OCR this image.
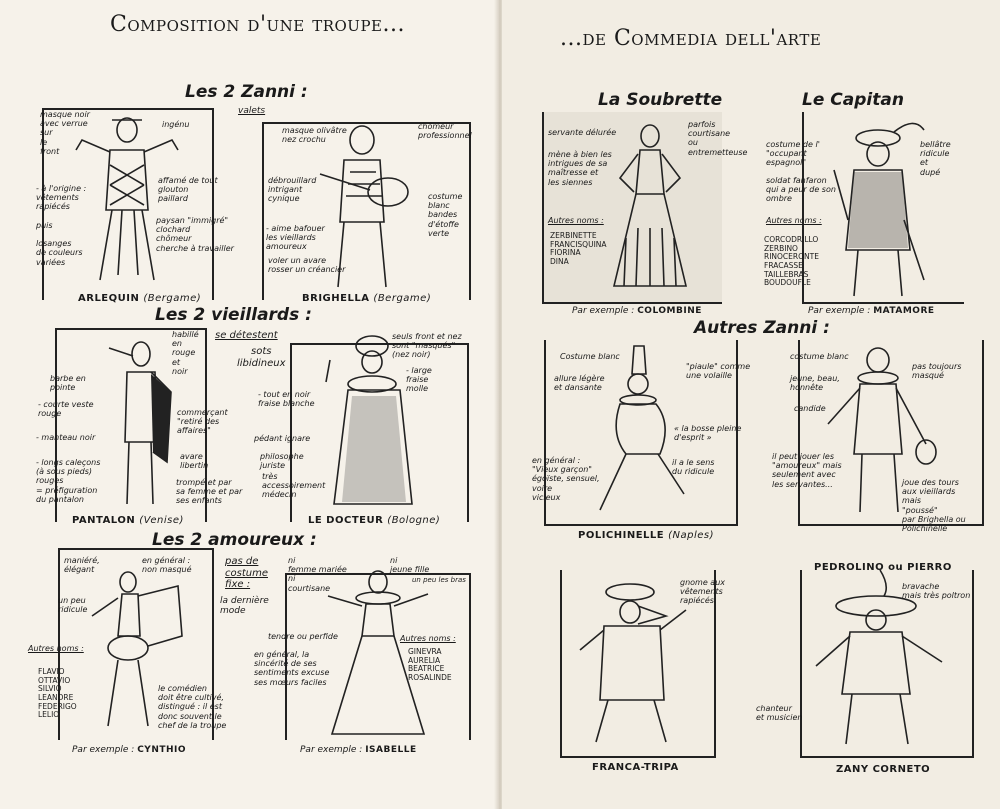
Composition d'une troupe...
Les 2 Zanni :
valets
masque noir
avec verrue
sur
le
front
ingénu
- à l'origine :
vêtements
rapiécés

puis

losanges
de couleurs
variées
affamé de tout
glouton
paillard
paysan "immigré"
clochard
chômeur
cherche à travailler
ARLEQUIN (Bergame)
masque olivâtre
nez crochu
chômeur
professionnel
débrouillard
intrigant
cynique
- aime bafouer
les vieillards
amoureux
voler un avare
rosser un créancier
costume
blanc
bandes
d'étoffe
verte
BRIGHELLA (Bergame)
Les 2 vieillards :
se détestent
sots
libidineux
habillé
en
rouge
et
noir
barbe en
pointe
- courte veste
rouge
- manteau noir
- longs caleçons
(à sous pieds)
rouges
= préfiguration
du pantalon
commerçant
"retiré des
affaires"
avare
libertin
trompé et par
sa femme et par
ses enfants
PANTALON (Venise)
seuls front et nez
sont "masqués"
(nez noir)
- large
fraise
molle
- tout en noir
fraise blanche
pédant ignare
philosophe
juriste
très
accessoirement
médecin
LE DOCTEUR (Bologne)
Les 2 amoureux :
pas de
costume
fixe :
la dernière
mode
maniéré,
élégant
en général :
non masqué
un peu
ridicule
Autres noms :
FLAVIO
OTTAVIO
SILVIO
LEANDRE
FEDERIGO
LELIO
le comédien
doit être cultivé,
distingué : il est
donc souvent le
chef de la troupe
Par exemple : CYNTHIO
ni
femme mariée
ni
courtisane
ni
jeune fille
un peu les bras
tendre ou perfide
en général, la
sincérité de ses
sentiments excuse
ses mœurs faciles
Autres noms :
GINEVRA
AURELIA
BEATRICE
ROSALINDE
Par exemple : ISABELLE
...de Commedia dell'arte
La Soubrette
servante délurée
parfois
courtisane
ou
entremetteuse
mène à bien les
intrigues de sa
maîtresse et
les siennes
Autres noms :
ZERBINETTE
FRANCISQUINA
FIORINA
DINA
Par exemple : COLOMBINE
Le Capitan
costume de l'
"occupant
espagnol"
soldat fanfaron
qui a peur de son
ombre
bellâtre
ridicule
et
dupé
Autres noms :
CORCODRILLO
ZERBINO
RINOCERONTE
FRACASSE
TAILLEBRAS
BOUDOUFLE
Par exemple : MATAMORE
Autres Zanni :
Costume blanc
allure légère
et dansante
"piaule" comme
une volaille
« la bosse pleine
d'esprit »
en général :
"Vieux garçon"
égoïste, sensuel,
voire
vicieux
il a le sens
du ridicule
POLICHINELLE (Naples)
costume blanc
pas toujours
masqué
jeune, beau,
honnête
candide
il peut jouer les
"amoureux" mais
seulement avec
les servantes...	joue des tours
aux vieillards
mais
"poussé"
par Brighella ou
Polichinelle
PEDROLINO ou PIERRO
gnome aux
vêtements
rapiécés
FRANCA-TRIPA
bravache
mais très poltron
chanteur
et musicien
ZANY CORNETO
